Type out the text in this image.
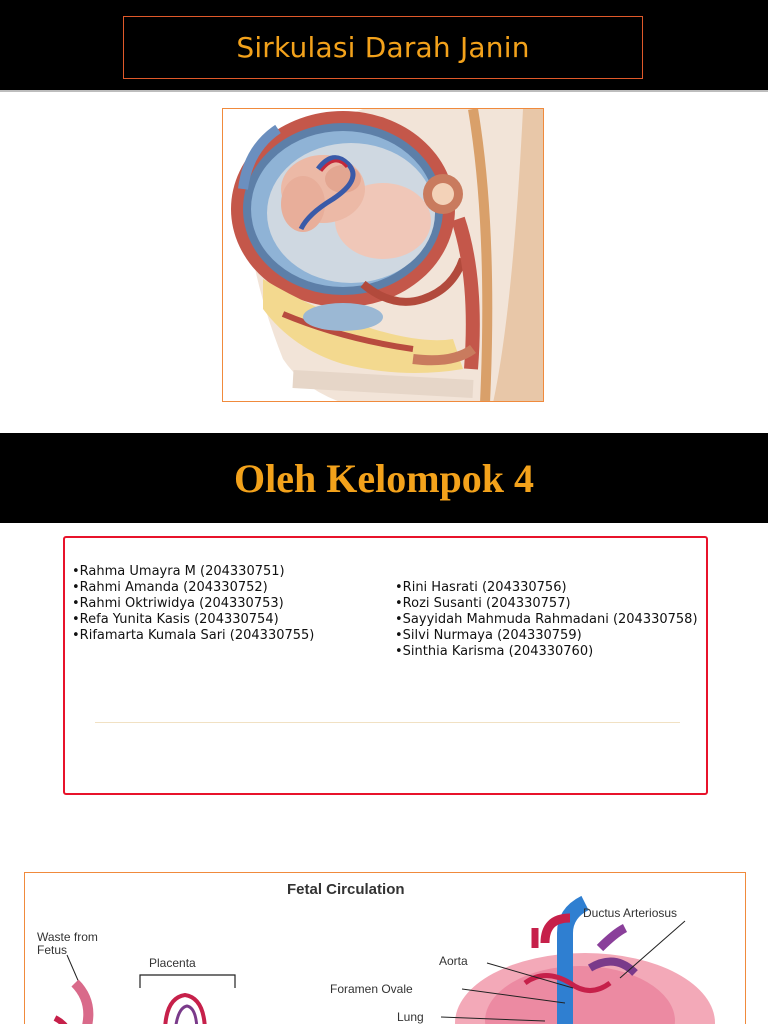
Sirkulasi Darah Janin
Oleh Kelompok 4
• Rahma Umayra M (204330751)
• Rahmi Amanda (204330752)
• Rahmi Oktriwidya (204330753)
• Refa Yunita Kasis (204330754)
• Rifamarta Kumala Sari (204330755)
• Rini Hasrati (204330756)
• Rozi Susanti (204330757)
• Sayyidah Mahmuda Rahmadani (204330758)
• Silvi Nurmaya (204330759)
• Sinthia Karisma (204330760)
Fetal Circulation
Waste from
Fetus
Placenta
Ductus Arteriosus
Aorta
Foramen Ovale
Lung
